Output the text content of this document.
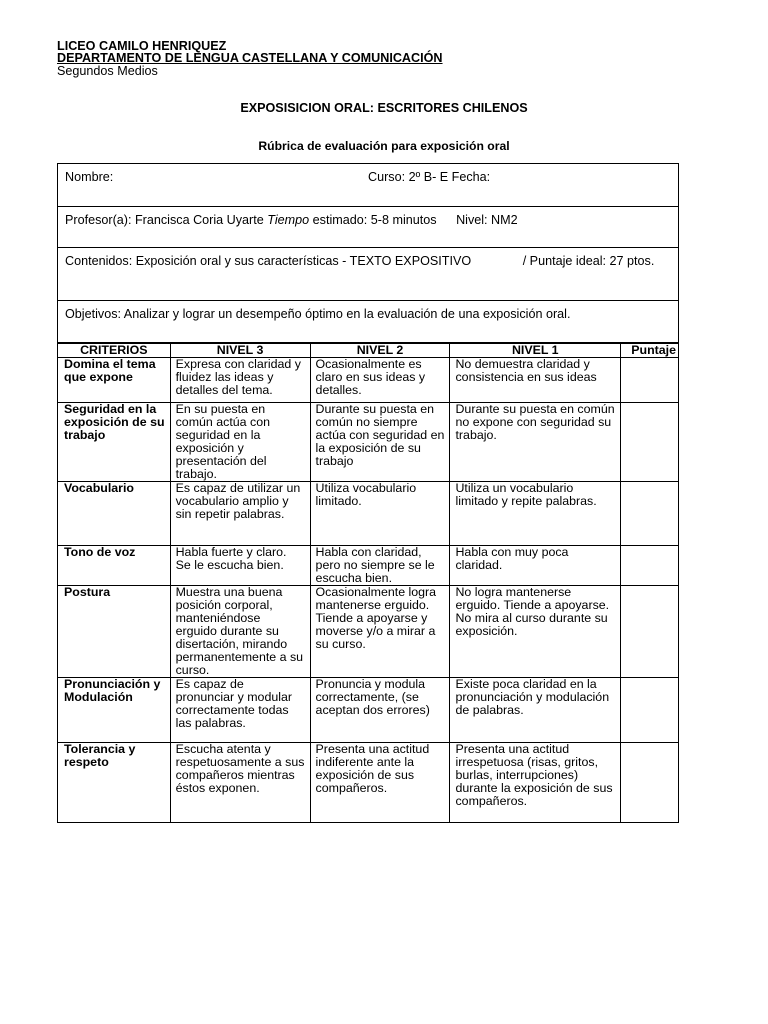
LICEO CAMILO HENRIQUEZ
DEPARTAMENTO DE LENGUA CASTELLANA Y COMUNICACIÓN
Segundos Medios
EXPOSISICION ORAL: ESCRITORES CHILENOS
Rúbrica de evaluación para exposición oral
Nombre:	Curso: 2º B- E Fecha:

Profesor(a): Francisca Coria Uyarte Tiempo estimado: 5-8 minutos Nivel: NM2
Contenidos: Exposición oral y sus características - TEXTO EXPOSITIVO	/ Puntaje ideal: 27 ptos.
Objetivos: Analizar y lograr un desempeño óptimo en la evaluación de una exposición oral.
CRITERIOS	NIVEL 3	NIVEL 2	NIVEL 1	Puntaje
Domina el tema que expone	Expresa con claridad y fluidez las ideas y detalles del tema.	Ocasionalmente es claro en sus ideas y detalles.	No demuestra claridad y consistencia en sus ideas	
Seguridad en la exposición de su trabajo	En su puesta en común actúa con seguridad en la exposición y presentación del trabajo.	Durante su puesta en común no siempre actúa con seguridad en la exposición de su trabajo	Durante su puesta en común no expone con seguridad su trabajo.	
Vocabulario	Es capaz de utilizar un vocabulario amplio y sin repetir palabras.	Utiliza vocabulario limitado.	Utiliza un vocabulario limitado y repite palabras.	
Tono de voz	Habla fuerte y claro. Se le escucha bien.	Habla con claridad, pero no siempre se le escucha bien.	Habla con muy poca claridad.	
Postura	Muestra una buena posición corporal, manteniéndose erguido durante su disertación, mirando permanentemente a su curso.	Ocasionalmente logra mantenerse erguido. Tiende a apoyarse y moverse y/o a mirar a su curso.	No logra mantenerse erguido. Tiende a apoyarse. No mira al curso durante su exposición.	
Pronunciación y Modulación	Es capaz de pronunciar y modular correctamente todas las palabras.	Pronuncia y modula correctamente, (se aceptan dos errores)	Existe poca claridad en la pronunciación y modulación de palabras.	
Tolerancia y respeto	Escucha atenta y respetuosamente a sus compañeros mientras éstos exponen.	Presenta una actitud indiferente ante la exposición de sus compañeros.	Presenta una actitud irrespetuosa (risas, gritos, burlas, interrupciones) durante la exposición de sus compañeros.	
